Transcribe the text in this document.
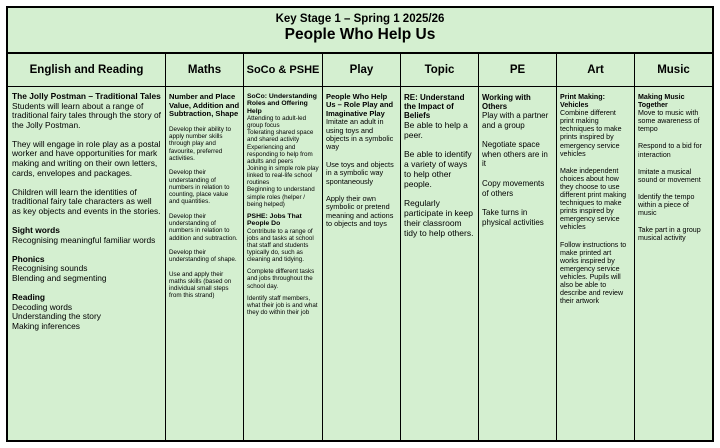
Key Stage 1 – Spring 1 2025/26
People Who Help Us
English and Reading
The Jolly Postman – Traditional Tales
Students will learn about a range of traditional fairy tales through the story of the Jolly Postman.
They will engage in role play as a postal worker and have opportunities for mark making and writing on their own letters, cards, envelopes and packages.
Children will learn the identities of traditional fairy tale characters as well as key objects and events in the stories.
Sight words
Recognising meaningful familiar words
Phonics
Recognising sounds
Blending and segmenting
Reading
Decoding words
Understanding the story
Making inferences
Maths
Number and Place Value, Addition and Subtraction, Shape
Develop their ability to apply number skills through play and favourite, preferred activities.
Develop their understanding of numbers in relation to counting, place value and quantities.
Develop their understanding of numbers in relation to addition and subtraction.
Develop their understanding of shape.
Use and apply their maths skills (based on individual small steps from this strand)
SoCo & PSHE
SoCo: Understanding Roles and Offering Help
Attending to adult-led group focus
Tolerating shared space and shared activity
Experiencing and responding to help from adults and peers
Joining in simple role play linked to real-life school routines
Beginning to understand simple roles (helper / being helped)
PSHE: Jobs That People Do
Contribute to a range of jobs and tasks at school that staff and students typically do, such as cleaning and tidying.
Complete different tasks and jobs throughout the school day.
Identify staff members, what their job is and what they do within their job
Play
People Who Help Us – Role Play and Imaginative Play
Imitate an adult in using toys and objects in a symbolic way
Use toys and objects in a symbolic way spontaneously
Apply their own symbolic or pretend meaning and actions to objects and toys
Topic
RE: Understand the Impact of Beliefs
Be able to help a peer.
Be able to identify a variety of ways to help other people.
Regularly participate in keep their classroom tidy to help others.
PE
Working with Others
Play with a partner and a group
Negotiate space when others are in it
Copy movements of others
Take turns in physical activities
Art
Print Making: Vehicles
Combine different print making techniques to make prints inspired by emergency service vehicles
Make independent choices about how they choose to use different print making techniques to make prints inspired by emergency service vehicles
Follow instructions to make printed art works inspired by emergency service vehicles. Pupils will also be able to describe and review their artwork
Music
Making Music Together
Move to music with some awareness of tempo
Respond to a bid for interaction
Imitate a musical sound or movement
Identify the tempo within a piece of music
Take part in a group musical activity
